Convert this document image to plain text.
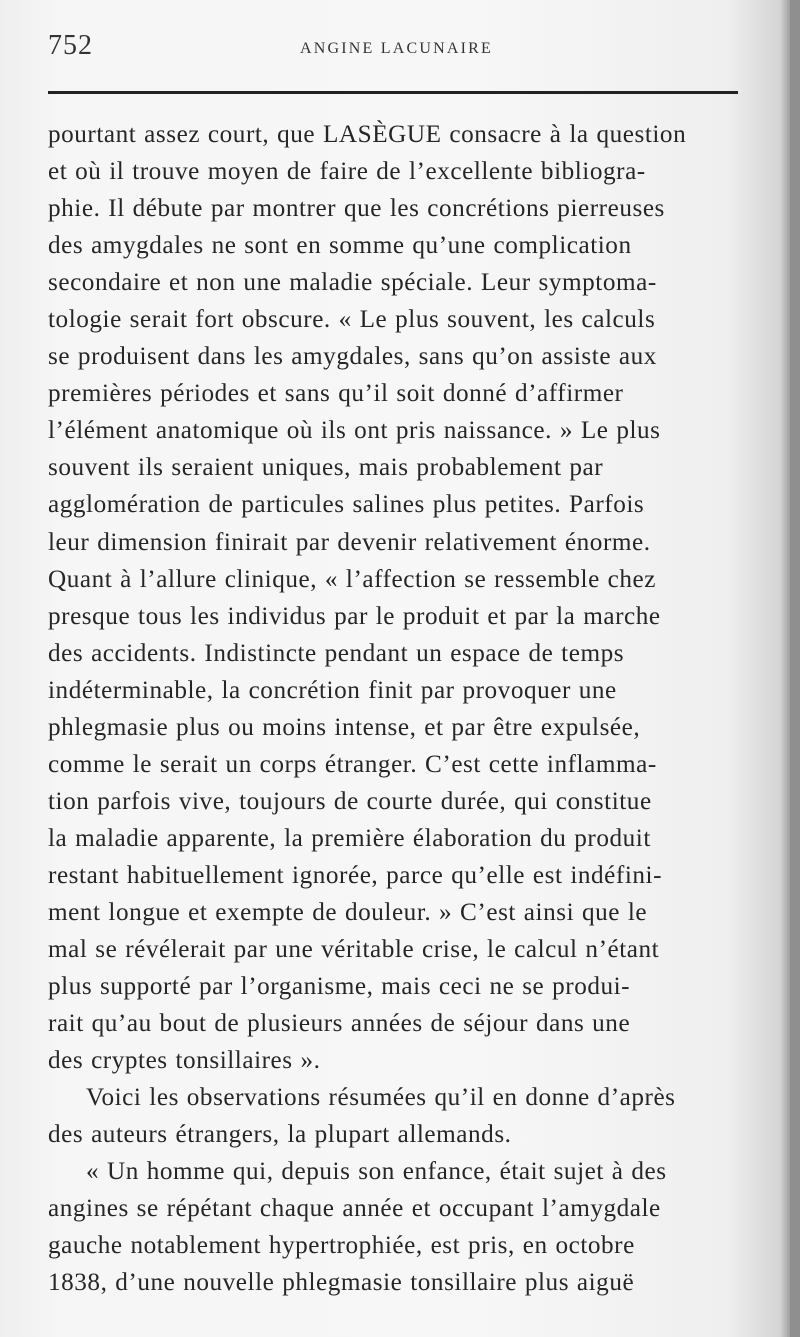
752	ANGINE LACUNAIRE
pourtant assez court, que LASÈGUE consacre à la question
et où il trouve moyen de faire de l’excellente bibliogra-
phie. Il débute par montrer que les concrétions pierreuses
des amygdales ne sont en somme qu’une complication
secondaire et non une maladie spéciale. Leur symptoma-
tologie serait fort obscure. « Le plus souvent, les calculs
se produisent dans les amygdales, sans qu’on assiste aux
premières périodes et sans qu’il soit donné d’affirmer
l’élément anatomique où ils ont pris naissance. » Le plus
souvent ils seraient uniques, mais probablement par
agglomération de particules salines plus petites. Parfois
leur dimension finirait par devenir relativement énorme.
Quant à l’allure clinique, « l’affection se ressemble chez
presque tous les individus par le produit et par la marche
des accidents. Indistincte pendant un espace de temps
indéterminable, la concrétion finit par provoquer une
phlegmasie plus ou moins intense, et par être expulsée,
comme le serait un corps étranger. C’est cette inflamma-
tion parfois vive, toujours de courte durée, qui constitue
la maladie apparente, la première élaboration du produit
restant habituellement ignorée, parce qu’elle est indéfini-
ment longue et exempte de douleur. » C’est ainsi que le
mal se révélerait par une véritable crise, le calcul n’étant
plus supporté par l’organisme, mais ceci ne se produi-
rait qu’au bout de plusieurs années de séjour dans une
des cryptes tonsillaires ».
Voici les observations résumées qu’il en donne d’après
des auteurs étrangers, la plupart allemands.
« Un homme qui, depuis son enfance, était sujet à des
angines se répétant chaque année et occupant l’amygdale
gauche notablement hypertrophiée, est pris, en octobre
1838, d’une nouvelle phlegmasie tonsillaire plus aiguë
